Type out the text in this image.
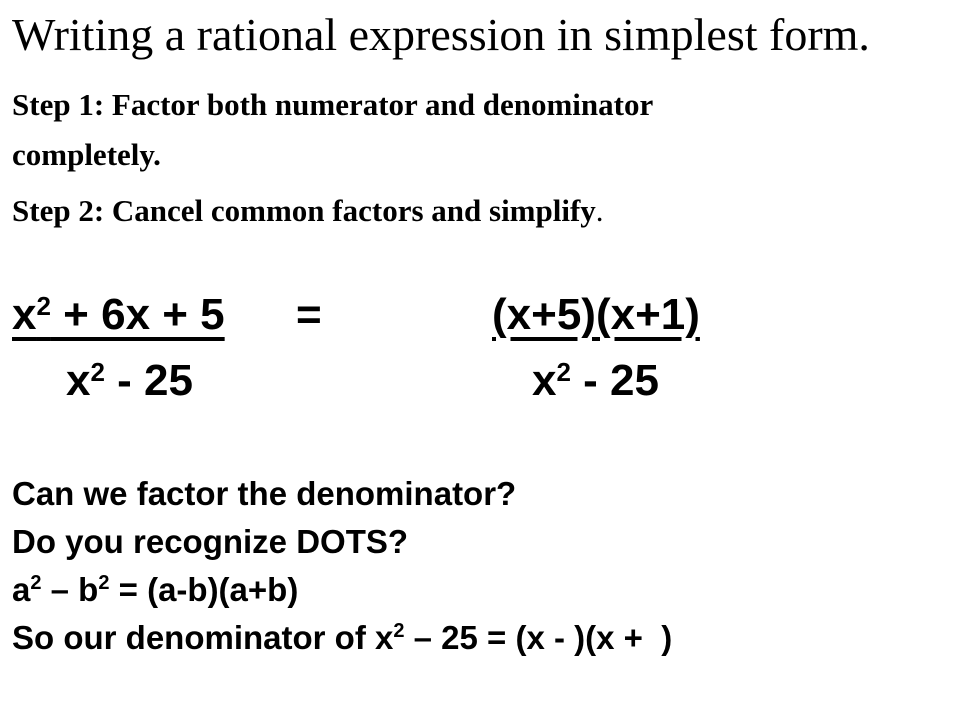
Writing a rational expression in simplest form.
Step 1: Factor both numerator and denominator
completely.
Step 2: Cancel common factors and simplify.
$x^2 + 6x + 5$ =	(x+5)(x+1)
$x^2 - 25$	$x^2 - 25$
Can we factor the denominator?
Do you recognize DOTS?
$a^2 - b^2 = (a-b)(a+b)$
So our denominator of $x^2 - 25 = (x - )(x$ +  )
